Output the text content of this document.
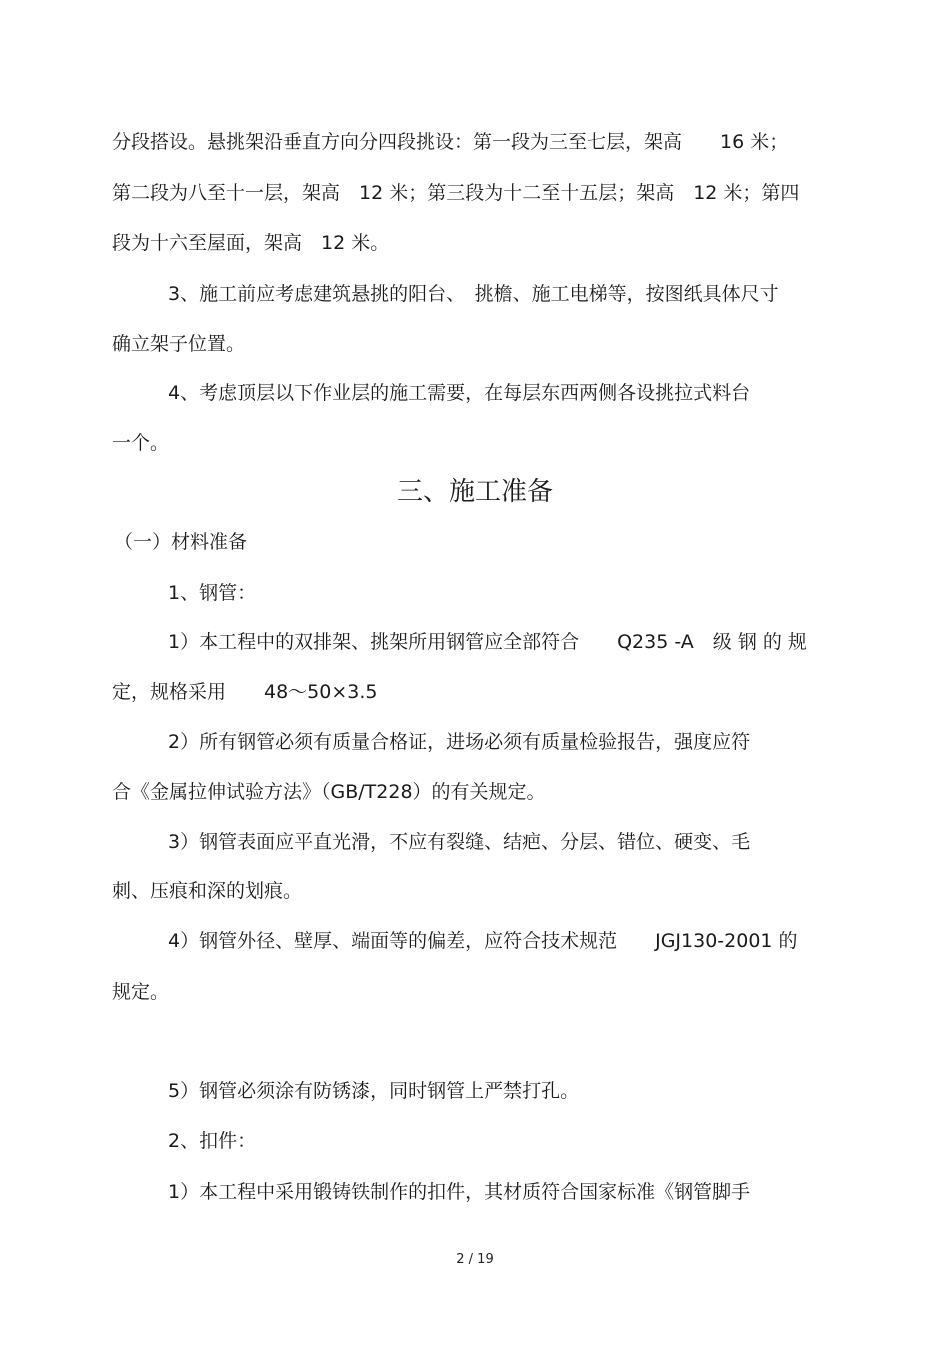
分段搭设。悬挑架沿垂直方向分四段挑设：第一段为三至七层，架高　　16 米；
第二段为八至十一层，架高　12 米；第三段为十二至十五层；架高　12 米；第四
段为十六至屋面，架高　12 米。
3、施工前应考虑建筑悬挑的阳台、　挑檐、施工电梯等，按图纸具体尺寸
确立架子位置。
4、考虑顶层以下作业层的施工需要，在每层东西两侧各设挑拉式料台
一个。
三、施工准备
（一）材料准备
1、钢管：
1）本工程中的双排架、挑架所用钢管应全部符合　　Q235 -A　级 钢 的 规
定，规格采用　　48～50×3.5
2）所有钢管必须有质量合格证，进场必须有质量检验报告，强度应符
合《金属拉伸试验方法》（GB/T228）的有关规定。
3）钢管表面应平直光滑，不应有裂缝、结疤、分层、错位、硬变、毛
刺、压痕和深的划痕。
4）钢管外径、壁厚、端面等的偏差，应符合技术规范　　JGJ130-2001 的
规定。
5）钢管必须涂有防锈漆，同时钢管上严禁打孔。
2、扣件：
1）本工程中采用锻铸铁制作的扣件，其材质符合国家标准《钢管脚手
2 / 19
